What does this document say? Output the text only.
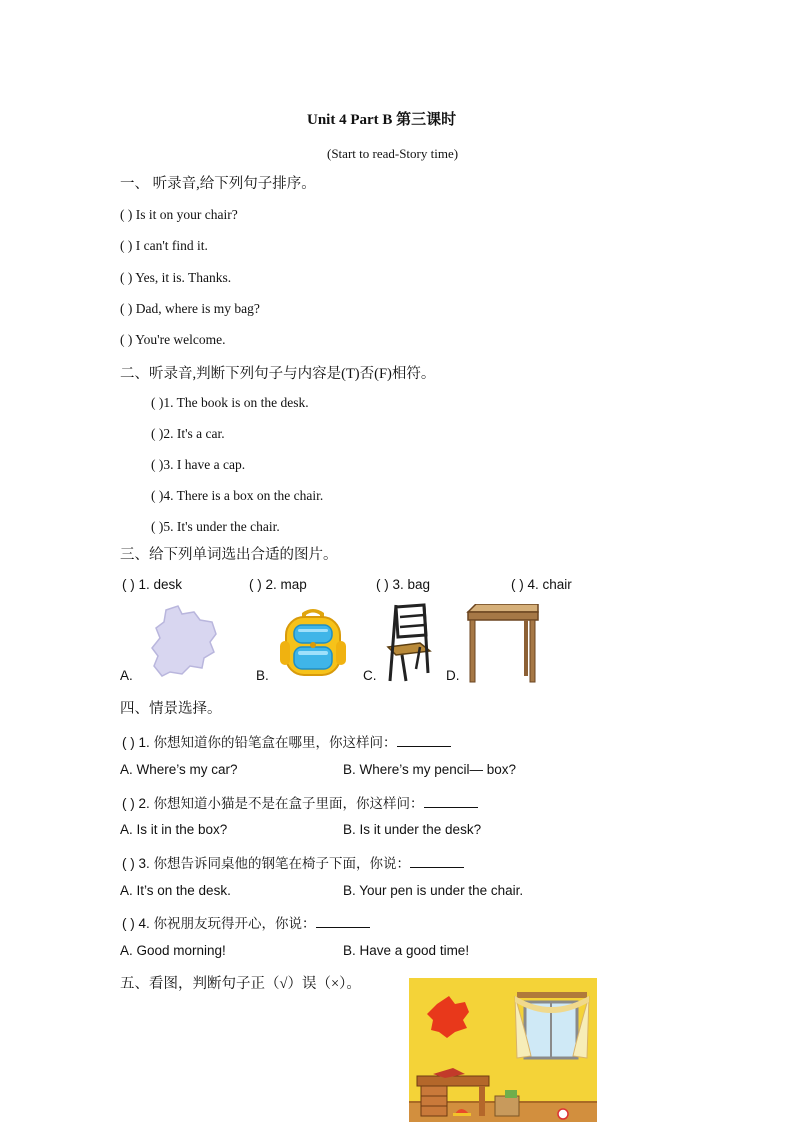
Unit 4 Part B 第三课时
(Start to read-Story time)
一、 听录音,给下列句子排序。
( ) Is it on your chair?
( ) I can't find it.
( ) Yes, it is. Thanks.
( ) Dad, where is my bag?
( ) You're welcome.
二、听录音,判断下列句子与内容是(T)否(F)相符。
( )1. The book is on the desk.
( )2. It's a car.
( )3. I have a cap.
( )4. There is a box on the chair.
( )5. It's under the chair.
三、给下列单词选出合适的图片。
( ) 1. desk	( ) 2. map	( ) 3. bag	( ) 4. chair
A.	B.	C.	D.
四、情景选择。
( ) 1. 你想知道你的铅笔盒在哪里，你这样问：
A. Where’s my car?	B. Where’s my pencil— box?
( ) 2. 你想知道小猫是不是在盒子里面，你这样问：
A. Is it in the box?	B. Is it under the desk?
( ) 3. 你想告诉同桌他的钢笔在椅子下面，你说：
A. It’s on the desk.	B. Your pen is under the chair.
( ) 4. 你祝朋友玩得开心，你说：
A. Good morning!	B. Have a good time!
五、看图，判断句子正（√）误（×）。
